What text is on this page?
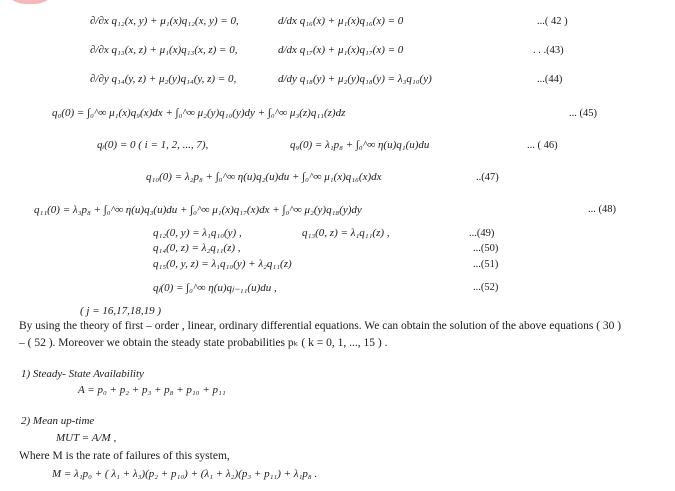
∂/∂x q₁₂(x, y) + μ₁(x)q₁₂(x, y) = 0,	d/dx q₁₆(x) + μ₁(x)q₁₆(x) = 0	...( 42 )
∂/∂x q₁₃(x, z) + μ₁(x)q₁₃(x, z) = 0,	d/dx q₁₇(x) + μ₁(x)q₁₇(x) = 0	. . .(43)
∂/∂y q₁₄(y, z) + μ₂(y)q₁₄(y, z) = 0,	d/dy q₁₈(y) + μ₂(y)q₁₈(y) = λ₃q₁₀(y)	...(44)
q₀(0) = ∫₀^∞ μ₁(x)q₉(x)dx + ∫₀^∞ μ₂(y)q₁₀(y)dy + ∫₀^∞ μ₃(z)q₁₁(z)dz	... (45)
qᵢ(0) = 0 ( i = 1, 2, ..., 7),	q₉(0) = λ₁p₈ + ∫₀^∞ η(u)q₁(u)du	... ( 46)
q₁₀(0) = λ₂p₈ + ∫₀^∞ η(u)q₂(u)du + ∫₀^∞ μ₁(x)q₁₆(x)dx	..(47)
q₁₁(0) = λ₃p₈ + ∫₀^∞ η(u)q₃(u)du + ∫₀^∞ μ₁(x)q₁₇(x)dx + ∫₀^∞ μ₂(y)q₁₈(y)dy	... (48)
q₁₂(0, y) = λ₁q₁₀(y) ,	q₁₃(0, z) = λ₁q₁₁(z) ,	...(49)
q₁₄(0, z) = λ₂q₁₁(z) ,	...(50)
q₁₅(0, y, z) = λ₁q₁₀(y) + λ₂q₁₁(z)	...(51)
qⱼ(0) = ∫₀^∞ η(u)qⱼ₋₁₁(u)du ,	...(52)
( j = 16,17,18,19 )
By using the theory of first – order , linear, ordinary differential equations. We can obtain the solution of the above equations ( 30 )
– ( 52 ). Moreover we obtain the steady state probabilities pₖ ( k = 0, 1, ..., 15 ) .
1) Steady- State Availability
A = p₀ + p₂ + p₃ + p₈ + p₁₀ + p₁₁
2) Mean up-time
MUT = A/M ,
Where M is the rate of failures of this system,
M = λ₁p₀ + ( λ₁ + λ₃)(p₂ + p₁₀) + (λ₁ + λ₂)(p₃ + p₁₁) + λ₁p₈ .
